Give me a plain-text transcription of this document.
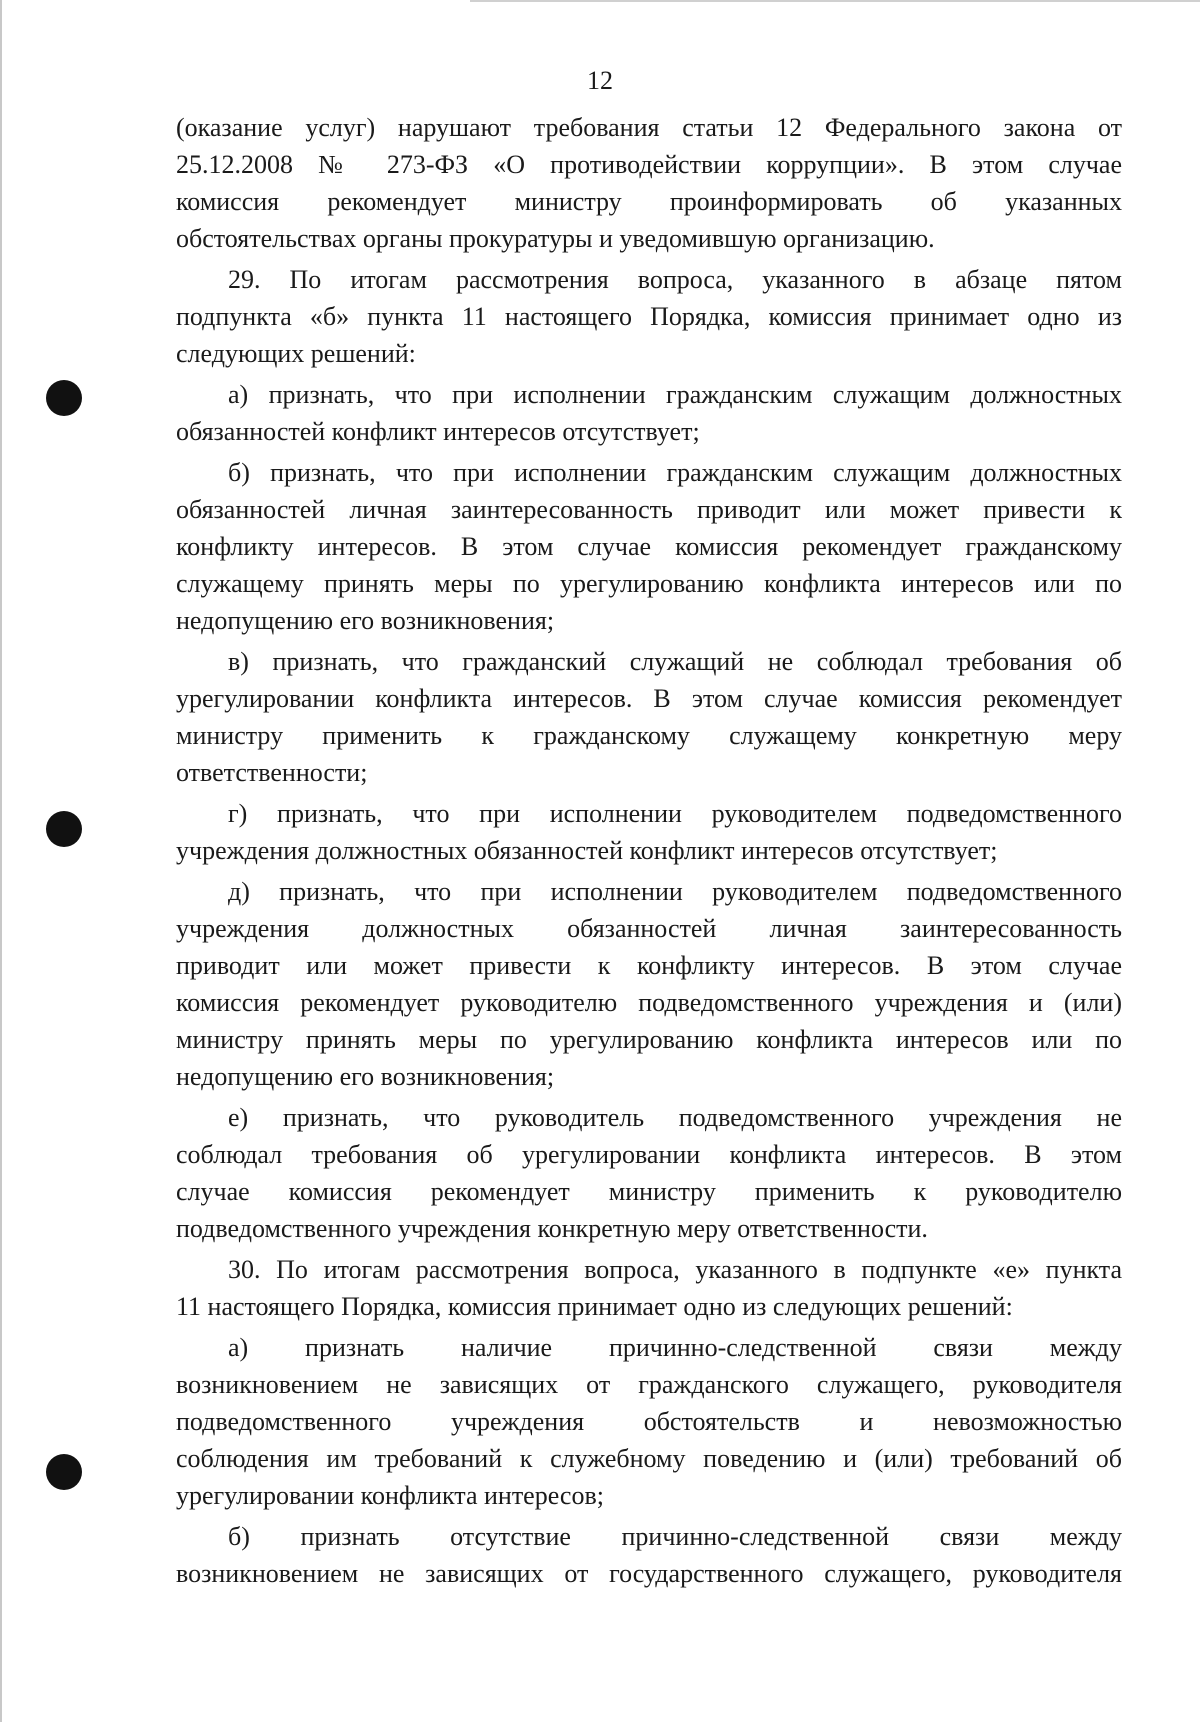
12
(оказание услуг) нарушают требования статьи 12 Федерального закона от
25.12.2008 № 273-ФЗ «О противодействии коррупции». В этом случае
комиссия рекомендует министру проинформировать об указанных
обстоятельствах органы прокуратуры и уведомившую организацию.
29. По итогам рассмотрения вопроса, указанного в абзаце пятом
подпункта «б» пункта 11 настоящего Порядка, комиссия принимает одно из
следующих решений:
а) признать, что при исполнении гражданским служащим должностных
обязанностей конфликт интересов отсутствует;
б) признать, что при исполнении гражданским служащим должностных
обязанностей личная заинтересованность приводит или может привести к
конфликту интересов. В этом случае комиссия рекомендует гражданскому
служащему принять меры по урегулированию конфликта интересов или по
недопущению его возникновения;
в) признать, что гражданский служащий не соблюдал требования об
урегулировании конфликта интересов. В этом случае комиссия рекомендует
министру применить к гражданскому служащему конкретную меру
ответственности;
г) признать, что при исполнении руководителем подведомственного
учреждения должностных обязанностей конфликт интересов отсутствует;
д) признать, что при исполнении руководителем подведомственного
учреждения должностных обязанностей личная заинтересованность
приводит или может привести к конфликту интересов. В этом случае
комиссия рекомендует руководителю подведомственного учреждения и (или)
министру принять меры по урегулированию конфликта интересов или по
недопущению его возникновения;
е) признать, что руководитель подведомственного учреждения не
соблюдал требования об урегулировании конфликта интересов. В этом
случае комиссия рекомендует министру применить к руководителю
подведомственного учреждения конкретную меру ответственности.
30. По итогам рассмотрения вопроса, указанного в подпункте «е» пункта
11 настоящего Порядка, комиссия принимает одно из следующих решений:
а) признать наличие причинно-следственной связи между
возникновением не зависящих от гражданского служащего, руководителя
подведомственного учреждения обстоятельств и невозможностью
соблюдения им требований к служебному поведению и (или) требований об
урегулировании конфликта интересов;
б) признать отсутствие причинно-следственной связи между
возникновением не зависящих от государственного служащего, руководителя
